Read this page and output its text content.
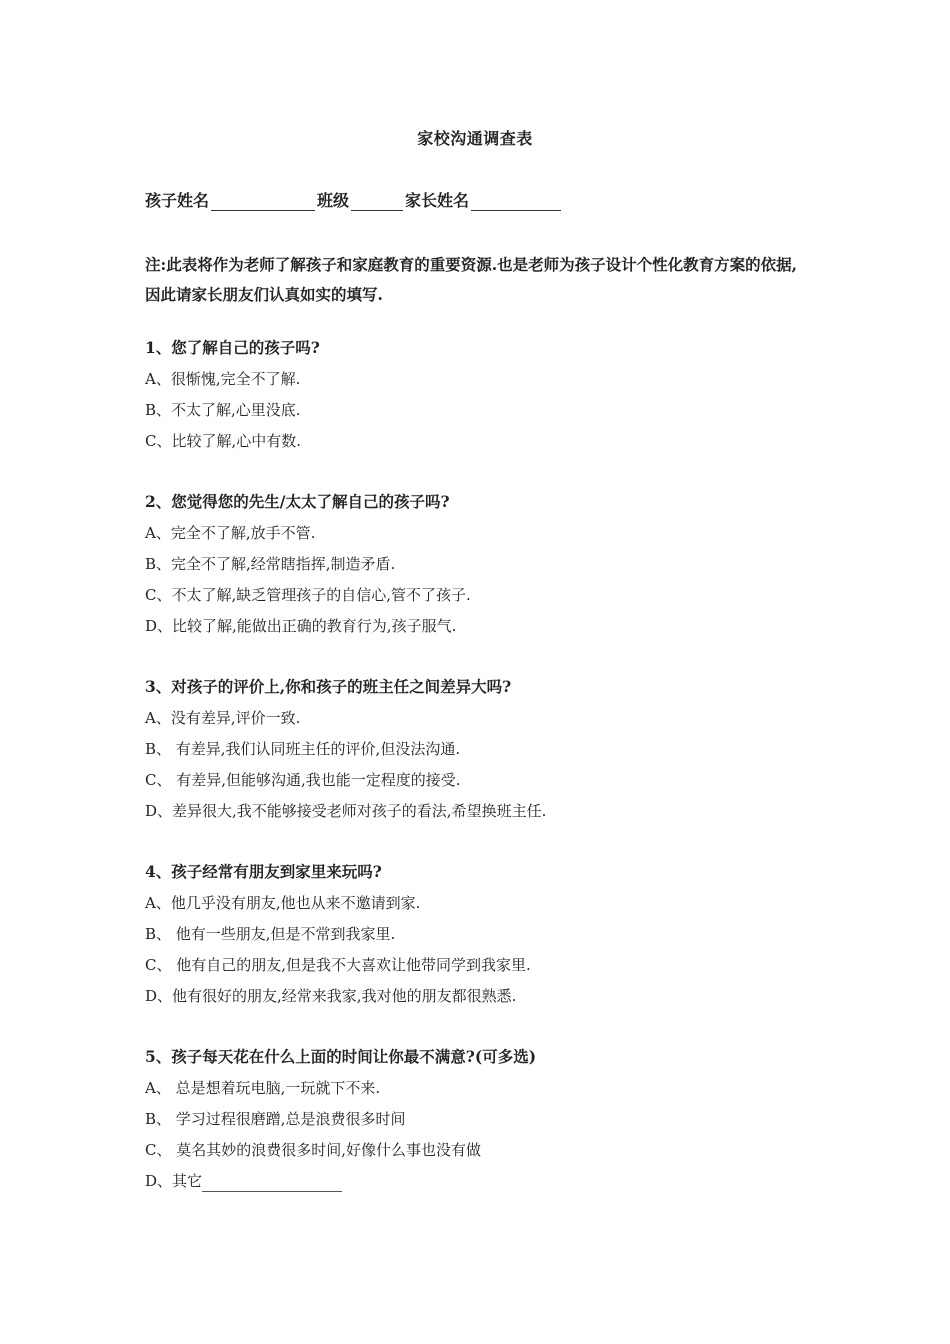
家校沟通调查表
孩子姓名	班级	家长姓名
注:此表将作为老师了解孩子和家庭教育的重要资源.也是老师为孩子设计个性化教育方案的依据,因此请家长朋友们认真如实的填写.
1、您了解自己的孩子吗?
A、很惭愧,完全不了解.
B、不太了解,心里没底.
C、比较了解,心中有数.
2、您觉得您的先生/太太了解自己的孩子吗?
A、完全不了解,放手不管.
B、完全不了解,经常瞎指挥,制造矛盾.
C、不太了解,缺乏管理孩子的自信心,管不了孩子.
D、比较了解,能做出正确的教育行为,孩子服气.
3、对孩子的评价上,你和孩子的班主任之间差异大吗?
A、没有差异,评价一致.
B、 有差异,我们认同班主任的评价,但没法沟通.
C、 有差异,但能够沟通,我也能一定程度的接受.
D、差异很大,我不能够接受老师对孩子的看法,希望换班主任.
4、孩子经常有朋友到家里来玩吗?
A、他几乎没有朋友,他也从来不邀请到家.
B、 他有一些朋友,但是不常到我家里.
C、 他有自己的朋友,但是我不大喜欢让他带同学到我家里.
D、他有很好的朋友,经常来我家,我对他的朋友都很熟悉.
5、孩子每天花在什么上面的时间让你最不满意?(可多选)
A、 总是想着玩电脑,一玩就下不来.
B、 学习过程很磨蹭,总是浪费很多时间
C、 莫名其妙的浪费很多时间,好像什么事也没有做
D、其它
